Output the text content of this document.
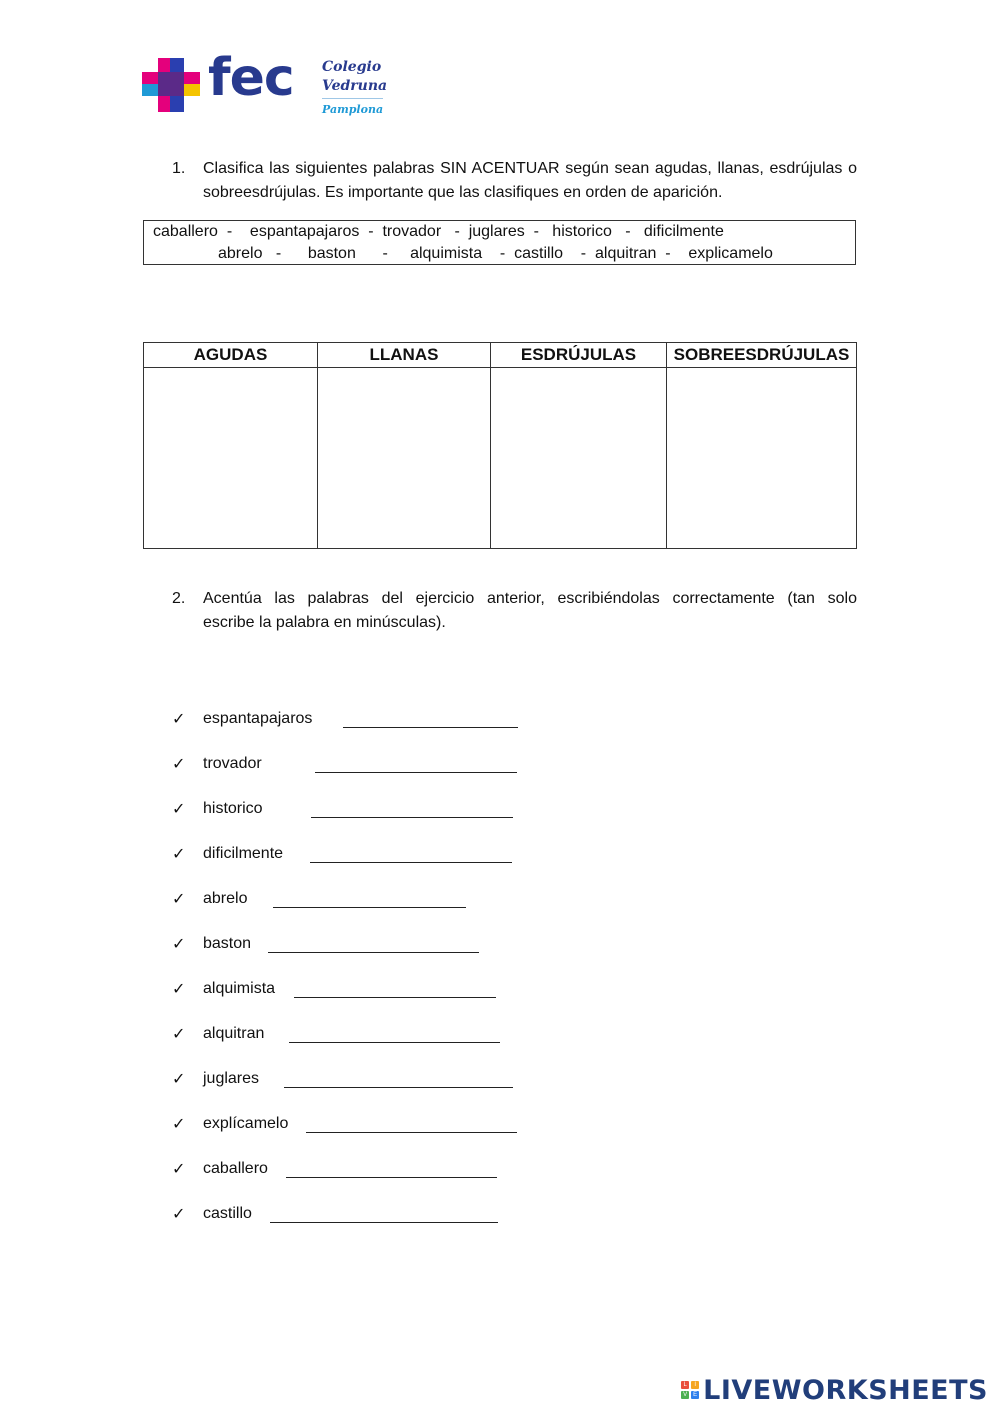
fec Colegio
Vedruna
Pamplona
1. Clasifica las siguientes palabras SIN ACENTUAR según sean agudas, llanas, esdrújulas o
sobreesdrújulas. Es importante que las clasifiques en orden de aparición.
caballero  -    espantapajaros  -  trovador   -  juglares  -   historico   -   dificilmente
abrelo   -      baston      -     alquimista    -  castillo    -  alquitran  -    explicamelo
AGUDAS	LLANAS	ESDRÚJULAS	SOBREESDRÚJULAS

2. Acentúa las palabras del ejercicio anterior, escribiéndolas correctamente (tan solo
escribe la palabra en minúsculas).
✓ espantapajaros
✓ trovador
✓ historico
✓ dificilmente
✓ abrelo
✓ baston
✓ alquimista
✓ alquitran
✓ juglares
✓ explícamelo
✓ caballero
✓ castillo
L	I
V E LIVEWORKSHEETS
